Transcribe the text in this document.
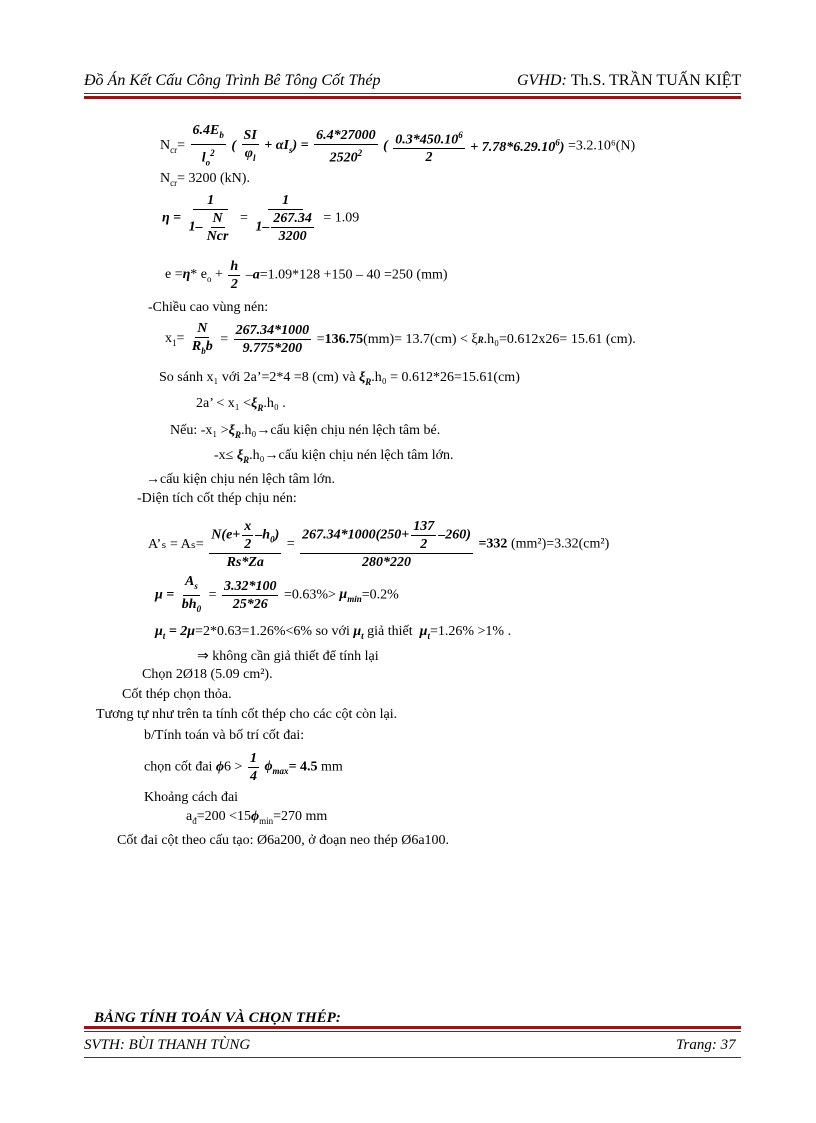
Đồ Án Kết Cấu Công Trình Bê Tông Cốt Thép	GVHD: Th.S. TRẦN TUẤN KIỆT
$N_{cr}= \frac{6.4E_b}{l_o^2}$ ( $\frac{SI}{\varphi_l} + \alpha I_s) = \frac{6.4*27000}{2520^2}$ ( $\frac{0.3*450.10^6}{2} + 7.78*6.29.10^6) =3.2.10^6(N)$
$N_{cr}= 3200$ (kN).
$\eta = \frac{1}{1- \frac{N}{\text{Ncr}}} = \frac{1}{1- \frac{267.34}{3200}} = 1.09$
e =η* $e_o + \frac{h}{2} -a=1.09*128 +150 - 40 =250$ (mm)
-Chiều cao vùng nén:
$x_1= \frac{N}{R_bb} = \frac{267.34*1000}{9.775*200} =136.75(mm)= 13.7(cm) < \xi R.h_0=0.612x26= 15.61$ (cm).
So sánh x₁ với 2a’=2*4 =8 (cm) và $\xi_R.h_0 = 0.612*26=15.61(cm)$
2a’ < $x_1 <\xi_R.h_0$ .
Nếu: $-x_1 >\xi_R.h_0\to cấu$ kiện chịu nén lệch tâm bé.
$-x\le \xi_R.h_0\to cấu$ kiện chịu nén lệch tâm lớn.
→cấu kiện chịu nén lệch tâm lớn.
-Diện tích cốt thép chịu nén:
A’ₛ = $A_s= \frac{N(e+ \frac{x}{2} -h_0)}{Rs*Za} = \frac{267.34*1000(250+ \frac{137}{2} -260)}{280*220} =332$ (mm²)=3.32(cm²)
$\mu = \frac{A_s}{bh_0} = \frac{3.32*100}{25*26} =0.63\%> \mu_{min}=0.2\%$
$\mu_t = 2\mu=2*0.63=1.26\%<6\%$ so với $\mu_t$ giả thiết $\mu_t=1.26\% >1\%$ .
⇒ không cần giả thiết để tính lại
Chọn 2Ø18 (5.09 cm²).
Cốt thép chọn thỏa.
Tương tự như trên ta tính cốt thép cho các cột còn lại.
b/Tính toán và bố trí cốt đai:
chọn cốt đai $\phi 6 > \frac{1}{4} \phi_{max}= 4.5$ mm
Khoảng cách đai
$a_đ=200 <15\phi_{min}=270$ mm
Cốt đai cột theo cấu tạo: Ø6a200, ở đoạn neo thép Ø6a100.
BẢNG TÍNH TOÁN VÀ CHỌN THÉP:
SVTH: BÙI THANH TÙNG	Trang: 37
